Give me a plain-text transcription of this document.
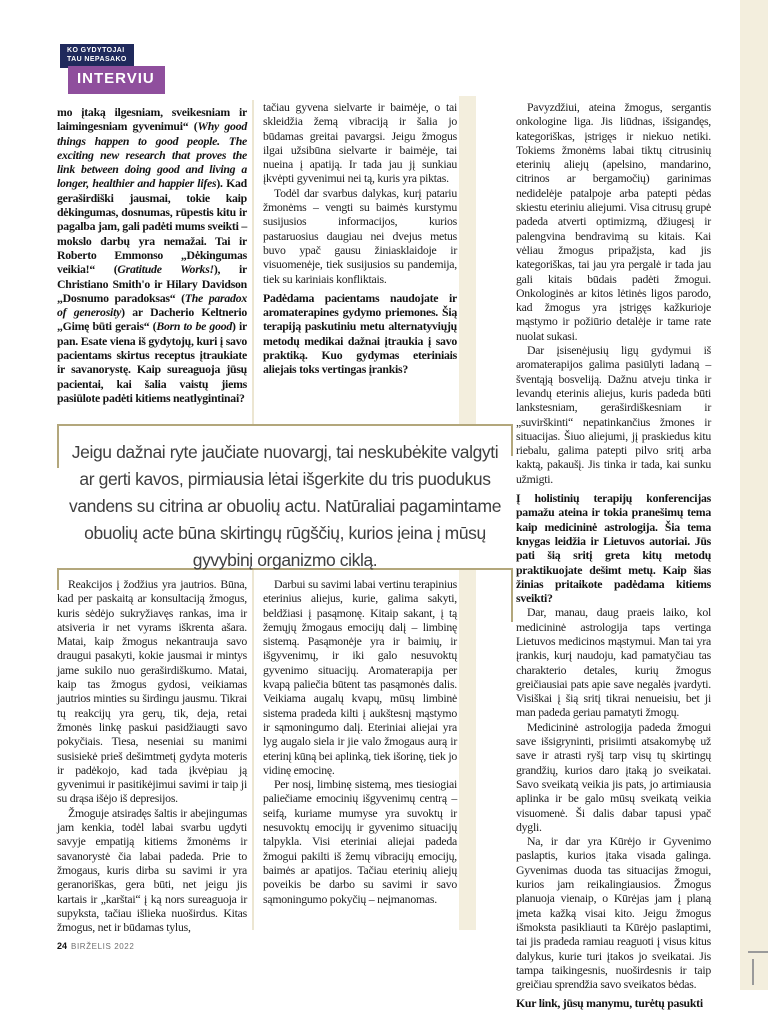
KO GYDYTOJAI
TAU NEPASAKO
INTERVIU

mo įtaką ilgesniam, sveikesniam ir laimingesniam gyvenimui“ (Why good things happen to good people. The exciting new research that proves the link between doing good and living a longer, healthier and happier lifes). Kad geraširdiški jausmai, tokie kaip dėkingumas, dosnumas, rūpestis kitu ir pagalba jam, gali padėti mums sveikti – mokslo darbų yra nemažai. Tai ir Roberto Emmonso „Dėkingumas veikia!“ (Gratitude Works!), ir Christiano Smith'o ir Hilary Davidson „Dosnumo paradoksas“ (The paradox of generosity) ar Dacherio Keltnerio „Gimę būti gerais“ (Born to be good) ir pan. Esate viena iš gydytojų, kuri į savo pacientams skirtus receptus įtraukiate ir savanorystę. Kaip sureaguoja jūsų pacientai, kai šalia vaistų jiems pasiūlote padėti kitiems neatlygintinai?

tačiau gyvena sielvarte ir baimėje, o tai skleidžia žemą vibraciją ir šalia jo būdamas greitai pavargsi. Jeigu žmogus ilgai užsibūna sielvarte ir baimėje, tai nueina į apatiją. Ir tada jau jį sunkiau įkvėpti gyvenimui nei tą, kuris yra piktas.

Todėl dar svarbus dalykas, kurį patariu žmonėms – vengti su baimės kurstymu susijusios informacijos, kurios pastaruosius daugiau nei dvejus metus buvo ypač gausu žiniasklaidoje ir visuomenėje, tiek susijusios su pandemija, tiek su kariniais konfliktais.

Padėdama pacientams naudojate ir aromaterapines gydymo priemones. Šią terapiją paskutiniu metu alternatyviųjų metodų medikai dažnai įtraukia į savo praktiką. Kuo gydymas eteriniais aliejais toks vertingas įrankis?

Pavyzdžiui, ateina žmogus, sergantis onkologine liga. Jis liūdnas, išsigandęs, kategoriškas, įstrigęs ir niekuo netiki. Tokiems žmonėms labai tiktų citrusinių eterinių aliejų (apelsino, mandarino, citrinos ar bergamočių) garinimas nedidelėje patalpoje arba patepti pėdas skiestu eteriniu aliejumi. Visa citrusų grupė padeda atverti optimizmą, džiugesį ir palengvina bendravimą su kitais. Kai vėliau žmogus pripažįsta, kad jis kategoriškas, tai jau yra pergalė ir tada jau gali kitais būdais padėti žmogui. Onkologinės ar kitos lėtinės ligos parodo, kad žmogus yra įstrigęs kažkurioje mąstymo ir požiūrio detalėje ir tame rate nuolat sukasi.

Dar įsisenėjusių ligų gydymui iš aromaterapijos galima pasiūlyti ladaną – šventąją bosveliją. Dažnu atveju tinka ir levandų eterinis aliejus, kuris padeda būti lankstesniam, geraširdiškesniam ir „suvirškinti“ nepatinkančius žmones ir situacijas. Šiuo aliejumi, jį praskiedus kitu riebalu, galima patepti pilvo sritį arba kaktą, pakaušį. Jis tinka ir tada, kai sunku užmigti.

Į holistinių terapijų konferencijas pamažu ateina ir tokia pranešimų tema kaip medicininė astrologija. Šia tema knygas leidžia ir Lietuvos autoriai. Jūs pati šią sritį greta kitų metodų praktikuojate dešimt metų. Kaip šias žinias pritaikote padėdama kitiems sveikti?

Dar, manau, daug praeis laiko, kol medicininė astrologija taps vertinga Lietuvos medicinos mąstymui. Man tai yra įrankis, kurį naudoju, kad pamatyčiau tas charakterio detales, kurių žmogus greičiausiai pats apie save negalės įvardyti. Visiškai į šią sritį tikrai nenueisiu, bet ji man padeda geriau pamatyti žmogų.

Medicininė astrologija padeda žmogui save išsigryninti, prisiimti atsakomybę už save ir atrasti ryšį tarp visų tų skirtingų grandžių, kurios daro įtaką jo sveikatai. Savo sveikatą veikia jis pats, jo artimiausia aplinka ir be galo mūsų sveikatą veikia visuomenė. Ši dalis dabar tapusi ypač dygli.

Na, ir dar yra Kūrėjo ir Gyvenimo paslaptis, kurios įtaka visada galinga. Gyvenimas duoda tas situacijas žmogui, kurios jam reikalingiausios. Žmogus planuoja vienaip, o Kūrėjas jam į planą įmeta kažką visai kito. Jeigu žmogus išmoksta pasikliauti ta Kūrėjo paslaptimi, tai jis pradeda ramiau reaguoti į visus kitus dalykus, kurie turi įtakos jo sveikatai. Jis tampa taikingesnis, nuoširdesnis ir taip greičiau sprendžia savo sveikatos bėdas.

Kur link, jūsų manymu, turėtų pasukti

Jeigu dažnai ryte jaučiate nuovargį, tai neskubėkite valgyti ar gerti kavos, pirmiausia lėtai išgerkite du tris puodukus vandens su citrina ar obuolių actu. Natūraliai pagamintame obuolių acte būna skirtingų rūgščių, kurios įeina į mūsų gyvybinį organizmo ciklą.

Reakcijos į žodžius yra jautrios. Būna, kad per paskaitą ar konsultaciją žmogus, kuris sėdėjo sukryžiavęs rankas, ima ir atsiveria ir net vyrams iškrenta ašara. Matai, kaip žmogus nekantrauja savo draugui pasakyti, kokie jausmai ir mintys jame sukilo nuo geraširdiškumo. Matai, kaip tas žmogus gydosi, veikiamas jautrios minties su širdingu jausmu. Tikrai tų reakcijų yra gerų, tik, deja, retai žmonės linkę paskui pasidžiaugti savo pokyčiais. Tiesa, neseniai su manimi susisiekė prieš dešimtmetį gydyta moteris ir padėkojo, kad tada įkvėpiau ją gyvenimui ir pasitikėjimui savimi ir taip ji su drąsa išėjo iš depresijos.

Žmoguje atsiradęs šaltis ir abejingumas jam kenkia, todėl labai svarbu ugdyti savyje empatiją kitiems žmonėms ir savanorystė čia labai padeda. Prie to žmogaus, kuris dirba su savimi ir yra geranoriškas, gera būti, net jeigu jis kartais ir „karštai“ į ką nors sureaguoja ir supyksta, tačiau išlieka nuoširdus. Kitas žmogus, net ir būdamas tylus,

Darbui su savimi labai vertinu terapinius eterinius aliejus, kurie, galima sakyti, beldžiasi į pasąmonę. Kitaip sakant, į tą žemųjų žmogaus emocijų dalį – limbinę sistemą. Pasąmonėje yra ir baimių, ir išgyvenimų, ir iki galo nesuvoktų gyvenimo situacijų. Aromaterapija per kvapą paliečia būtent tas pasąmonės dalis. Veikiama augalų kvapų, mūsų limbinė sistema pradeda kilti į aukštesnį mąstymo ir sąmoningumo dalį. Eteriniai aliejai yra lyg augalo siela ir jie valo žmogaus aurą ir eterinį kūną bei aplinką, tiek išorinę, tiek jo vidinę emocinę.

Per nosį, limbinę sistemą, mes tiesiogiai paliečiame emocinių išgyvenimų centrą – seifą, kuriame mumyse yra suvoktų ir nesuvoktų emocijų ir gyvenimo situacijų talpykla. Visi eteriniai aliejai padeda žmogui pakilti iš žemų vibracijų emocijų, baimės ar apatijos. Tačiau eterinių aliejų poveikis be darbo su savimi ir savo sąmoningumo pokyčių – neįmanomas.

24 BIRŽELIS 2022
